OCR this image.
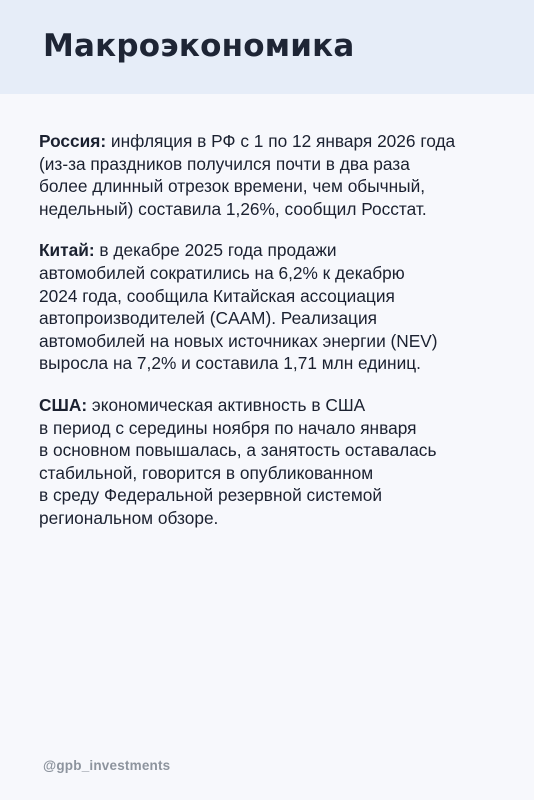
Макроэкономика

Россия: инфляция в РФ с 1 по 12 января 2026 года
(из-за праздников получился почти в два раза
более длинный отрезок времени, чем обычный,
недельный) составила 1,26%, сообщил Росстат.

Китай: в декабре 2025 года продажи
автомобилей сократились на 6,2% к декабрю
2024 года, сообщила Китайская ассоциация
автопроизводителей (CAAM). Реализация
автомобилей на новых источниках энергии (NEV)
выросла на 7,2% и составила 1,71 млн единиц.

США: экономическая активность в США
в период с середины ноября по начало января
в основном повышалась, а занятость оставалась
стабильной, говорится в опубликованном
в среду Федеральной резервной системой
региональном обзоре.

@gpb_investments
